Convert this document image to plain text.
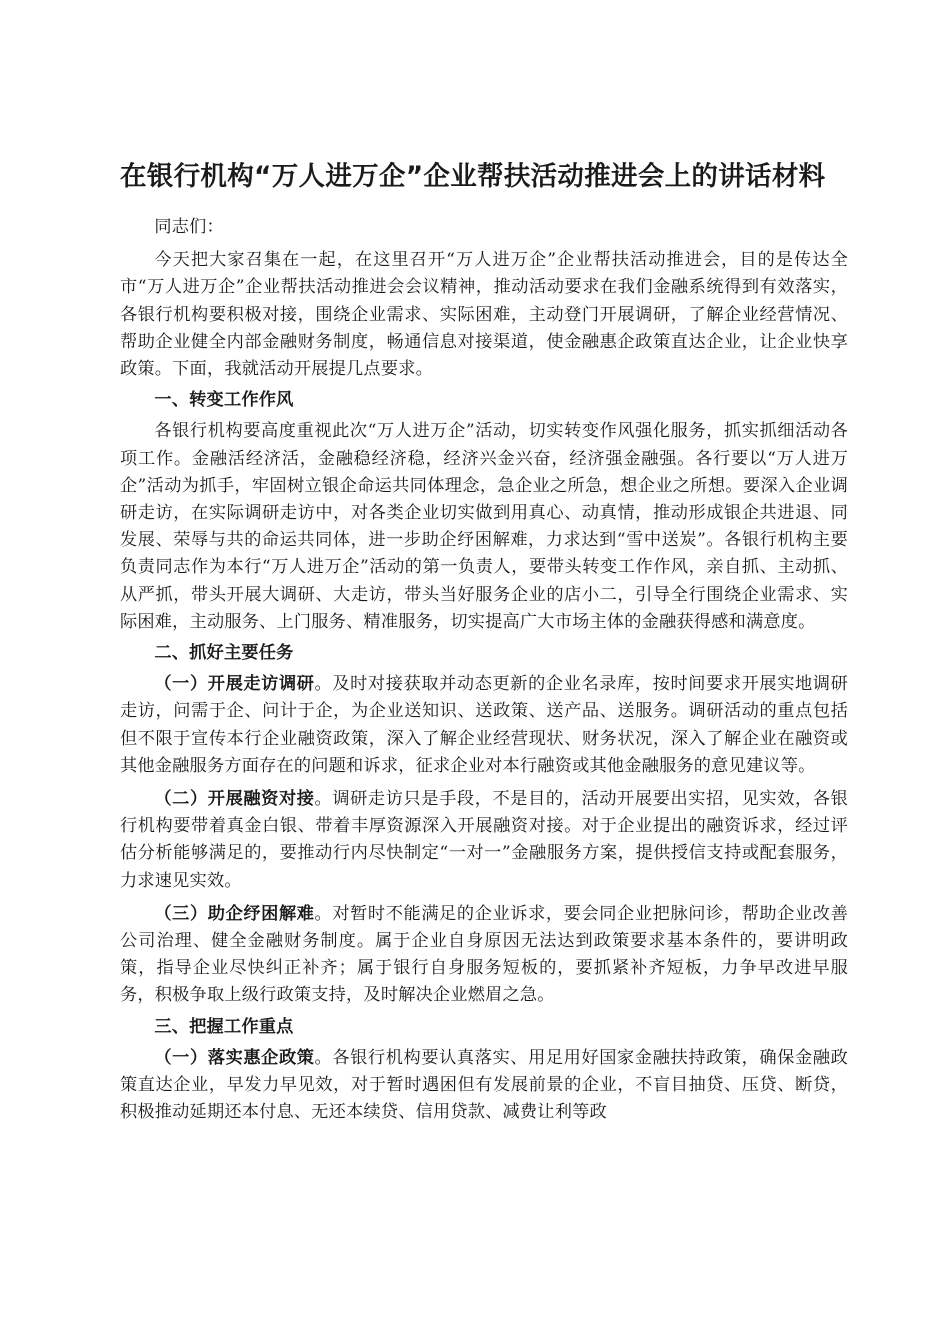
在银行机构“万人进万企”企业帮扶活动推进会上的讲话材料

同志们：

今天把大家召集在一起，在这里召开“万人进万企”企业帮扶活动推进会，目的是传达全市“万人进万企”企业帮扶活动推进会会议精神，推动活动要求在我们金融系统得到有效落实，各银行机构要积极对接，围绕企业需求、实际困难，主动登门开展调研，了解企业经营情况、帮助企业健全内部金融财务制度，畅通信息对接渠道，使金融惠企政策直达企业，让企业快享政策。下面，我就活动开展提几点要求。

一、转变工作作风

各银行机构要高度重视此次“万人进万企”活动，切实转变作风强化服务，抓实抓细活动各项工作。金融活经济活，金融稳经济稳，经济兴金兴奋，经济强金融强。各行要以“万人进万企”活动为抓手，牢固树立银企命运共同体理念，急企业之所急，想企业之所想。要深入企业调研走访，在实际调研走访中，对各类企业切实做到用真心、动真情，推动形成银企共进退、同发展、荣辱与共的命运共同体，进一步助企纾困解难，力求达到“雪中送炭”。各银行机构主要负责同志作为本行“万人进万企”活动的第一负责人，要带头转变工作作风，亲自抓、主动抓、从严抓，带头开展大调研、大走访，带头当好服务企业的店小二，引导全行围绕企业需求、实际困难，主动服务、上门服务、精准服务，切实提高广大市场主体的金融获得感和满意度。

二、抓好主要任务

（一）开展走访调研。及时对接获取并动态更新的企业名录库，按时间要求开展实地调研走访，问需于企、问计于企，为企业送知识、送政策、送产品、送服务。调研活动的重点包括但不限于宣传本行企业融资政策，深入了解企业经营现状、财务状况，深入了解企业在融资或其他金融服务方面存在的问题和诉求，征求企业对本行融资或其他金融服务的意见建议等。

（二）开展融资对接。调研走访只是手段，不是目的，活动开展要出实招，见实效，各银行机构要带着真金白银、带着丰厚资源深入开展融资对接。对于企业提出的融资诉求，经过评估分析能够满足的，要推动行内尽快制定“一对一”金融服务方案，提供授信支持或配套服务，力求速见实效。

（三）助企纾困解难。对暂时不能满足的企业诉求，要会同企业把脉问诊，帮助企业改善公司治理、健全金融财务制度。属于企业自身原因无法达到政策要求基本条件的，要讲明政策，指导企业尽快纠正补齐；属于银行自身服务短板的，要抓紧补齐短板，力争早改进早服务，积极争取上级行政策支持，及时解决企业燃眉之急。

三、把握工作重点

（一）落实惠企政策。各银行机构要认真落实、用足用好国家金融扶持政策，确保金融政策直达企业，早发力早见效，对于暂时遇困但有发展前景的企业，不盲目抽贷、压贷、断贷，积极推动延期还本付息、无还本续贷、信用贷款、减费让利等政
